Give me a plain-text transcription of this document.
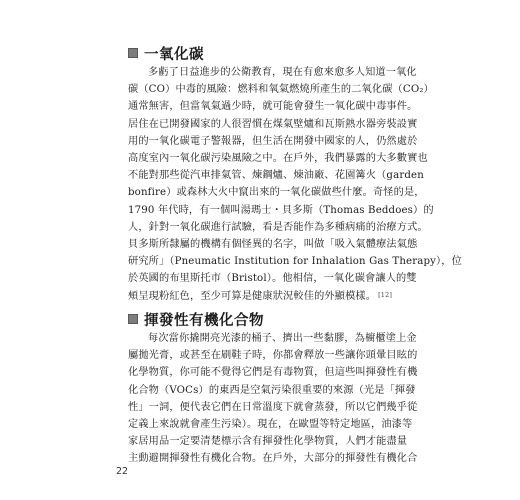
一氧化碳
多虧了日益進步的公衛教育，現在有愈來愈多人知道一氧化
碳（CO）中毒的風險：燃料和氧氣燃燒所產生的二氧化碳（CO₂）
通常無害，但當氧氣過少時，就可能會發生一氧化碳中毒事件。
居住在已開發國家的人很習慣在煤氣壁爐和瓦斯熱水器旁裝設實
用的一氧化碳電子警報器，但生活在開發中國家的人，仍然處於
高度室內一氧化碳污染風險之中。在戶外，我們暴露的大多數實也
不能對那些從汽車排氣管、煉鋼爐、煉油廠、花園篝火（garden
bonfire）或森林大火中竄出來的一氧化碳做些什麼。奇怪的是，
1790 年代時，有一個叫湯瑪士・貝多斯（Thomas Beddoes）的
人，針對一氧化碳進行試驗，看是否能作為多種病痛的治療方式。
貝多斯所隸屬的機構有個怪異的名字，叫做「吸入氣體療法氣態
研究所」（Pneumatic Institution for Inhalation Gas Therapy），位
於英國的布里斯托市（Bristol）。他相信，一氧化碳會讓人的雙
頰呈現粉紅色，至少可算是健康狀況較佳的外顯模樣。 [12]
揮發性有機化合物
每次當你撬開亮光漆的桶子、擠出一些黏膠，為櫥櫃塗上金
屬拋光膏，或甚至在刷鞋子時，你都會釋放一些讓你頭暈目眩的
化學物質，你可能不覺得它們是有毒物質，但這些叫揮發性有機
化合物（VOCs）的東西是空氣污染很重要的來源（光是「揮發
性」一詞，便代表它們在日常溫度下就會蒸發，所以它們幾乎從
定義上來說就會產生污染）。現在，在歐盟等特定地區，油漆等
家居用品一定要清楚標示含有揮發性化學物質，人們才能盡量
主動避開揮發性有機化合物。在戶外，大部分的揮發性有機化合
22
